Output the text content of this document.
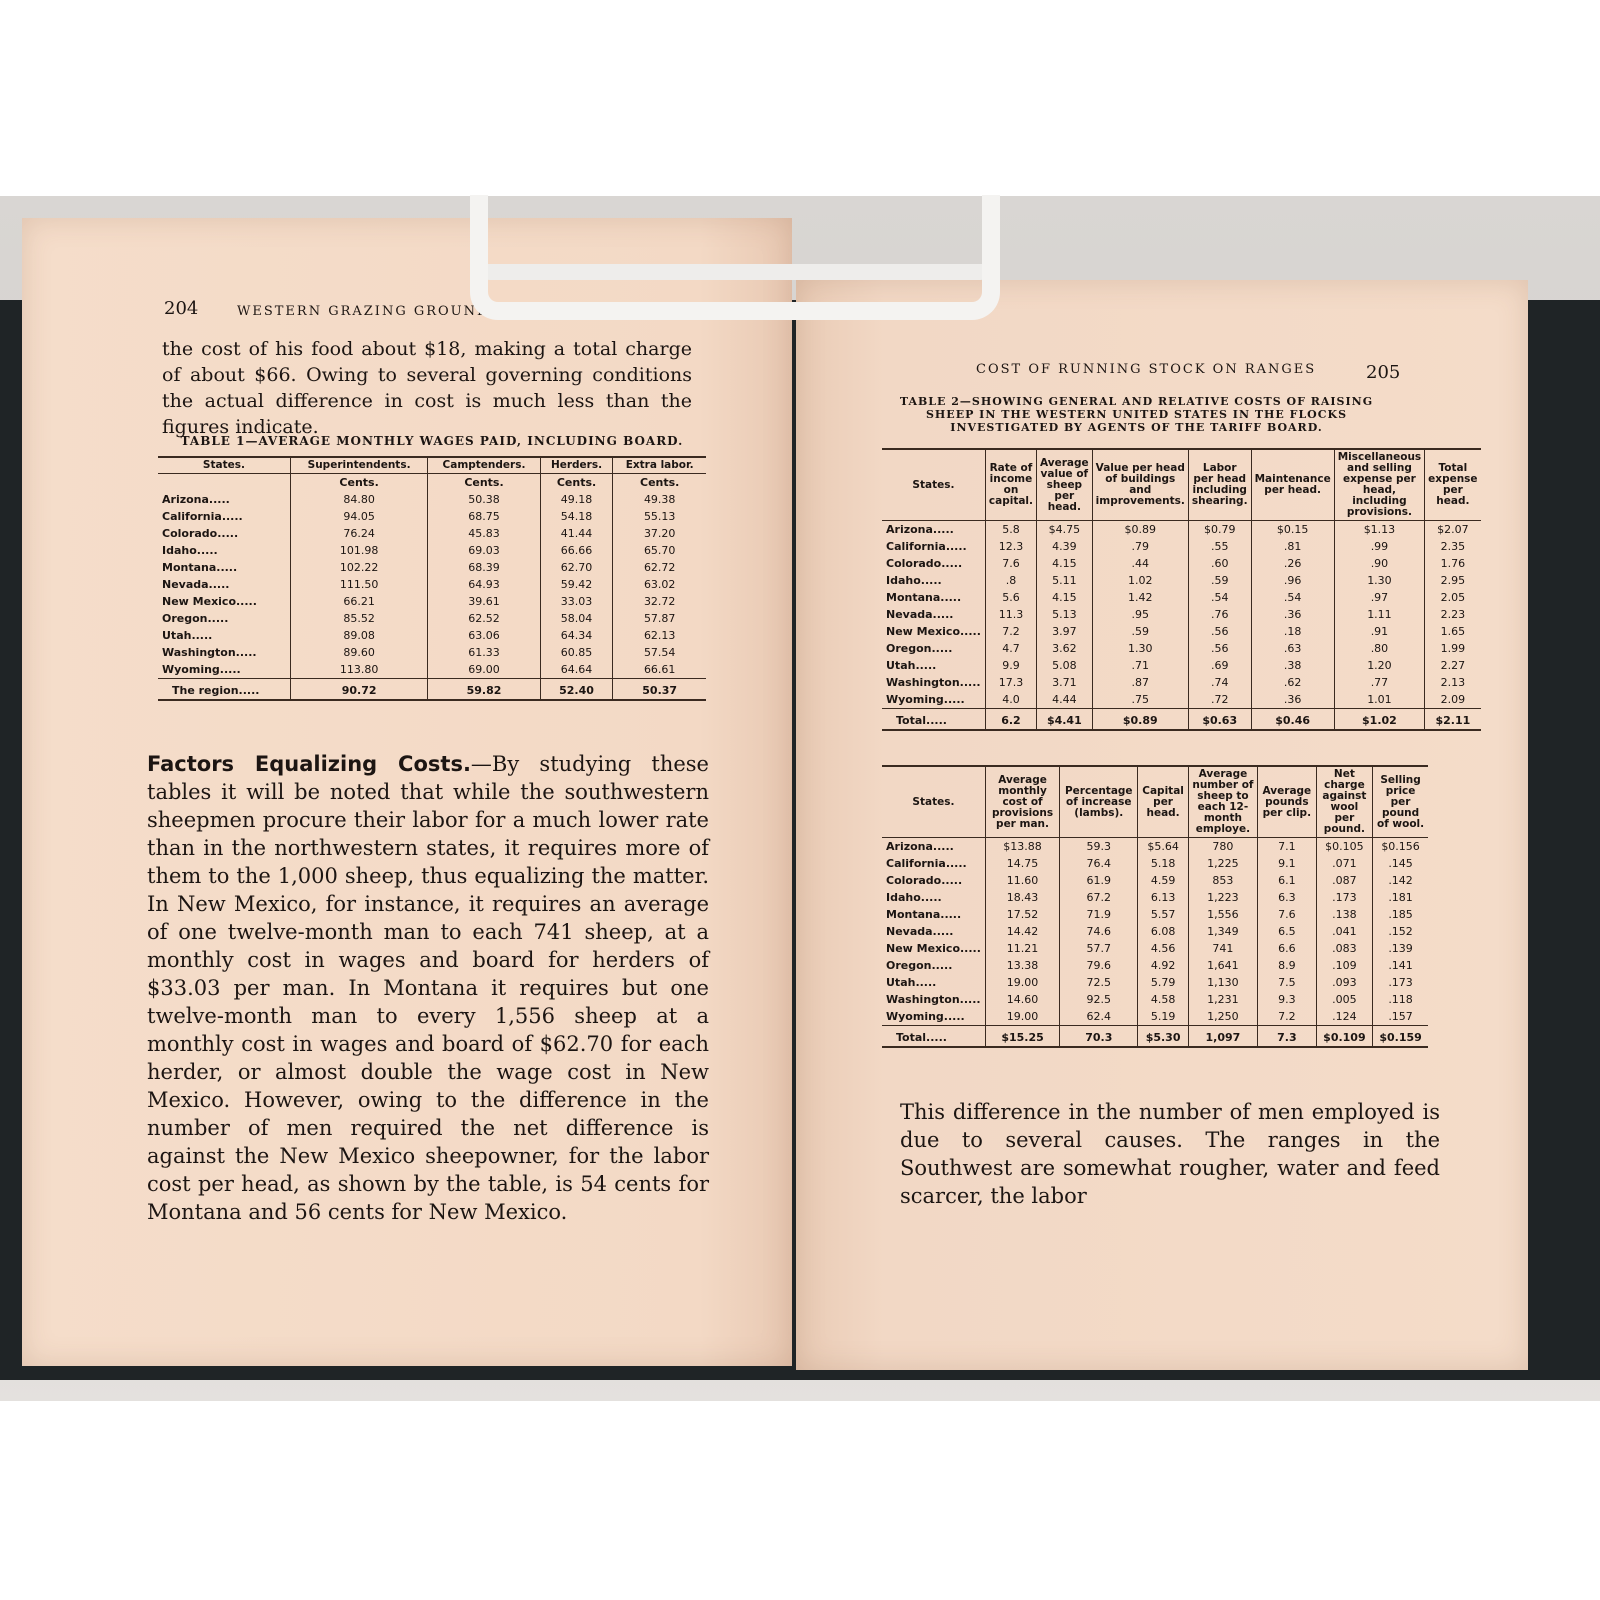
204	WESTERN GRAZING GROUNDS AND FOREST RANGES
the cost of his food about $18, making a total charge of about $66. Owing to several governing conditions the actual difference in cost is much less than the figures indicate.
TABLE 1—AVERAGE MONTHLY WAGES PAID, INCLUDING BOARD.
States.	Superintendents.	Camptenders.	Herders.	Extra labor.
	Cents.	Cents.	Cents.	Cents.
Arizona.....	84.80	50.38	49.18	49.38
California.....	94.05	68.75	54.18	55.13
Colorado.....	76.24	45.83	41.44	37.20
Idaho.....	101.98	69.03	66.66	65.70
Montana.....	102.22	68.39	62.70	62.72
Nevada.....	111.50	64.93	59.42	63.02
New Mexico.....	66.21	39.61	33.03	32.72
Oregon.....	85.52	62.52	58.04	57.87
Utah.....	89.08	63.06	64.34	62.13
Washington.....	89.60	61.33	60.85	57.54
Wyoming.....	113.80	69.00	64.64	66.61
The region.....	90.72	59.82	52.40	50.37
Factors Equalizing Costs.—By studying these tables it will be noted that while the southwestern sheepmen procure their labor for a much lower rate than in the northwestern states, it requires more of them to the 1,000 sheep, thus equalizing the matter. In New Mexico, for instance, it requires an average of one twelve-month man to each 741 sheep, at a monthly cost in wages and board for herders of $33.03 per man. In Montana it requires but one twelve-month man to every 1,556 sheep at a monthly cost in wages and board of $62.70 for each herder, or almost double the wage cost in New Mexico. However, owing to the difference in the number of men required the net difference is against the New Mexico sheepowner, for the labor cost per head, as shown by the table, is 54 cents for Montana and 56 cents for New Mexico.
COST OF RUNNING STOCK ON RANGES	205
TABLE 2—SHOWING GENERAL AND RELATIVE COSTS OF RAISING SHEEP IN THE WESTERN UNITED STATES IN THE FLOCKS INVESTIGATED BY AGENTS OF THE TARIFF BOARD.
States.	Rate of income on capital.	Average value of sheep per head.	Value per head of buildings and improvements.	Labor per head including shearing.	Maintenance per head.	Miscellaneous and selling expense per head, including provisions.	Total expense per head.
Arizona.....	5.8	$4.75	$0.89	$0.79	$0.15	$1.13	$2.07
California.....	12.3	4.39	.79	.55	.81	.99	2.35
Colorado.....	7.6	4.15	.44	.60	.26	.90	1.76
Idaho.....	.8	5.11	1.02	.59	.96	1.30	2.95
Montana.....	5.6	4.15	1.42	.54	.54	.97	2.05
Nevada.....	11.3	5.13	.95	.76	.36	1.11	2.23
New Mexico.....	7.2	3.97	.59	.56	.18	.91	1.65
Oregon.....	4.7	3.62	1.30	.56	.63	.80	1.99
Utah.....	9.9	5.08	.71	.69	.38	1.20	2.27
Washington.....	17.3	3.71	.87	.74	.62	.77	2.13
Wyoming.....	4.0	4.44	.75	.72	.36	1.01	2.09
Total.....	6.2	$4.41	$0.89	$0.63	$0.46	$1.02	$2.11
States.	Average monthly cost of provisions per man.	Percentage of increase (lambs).	Capital per head.	Average number of sheep to each 12-month employe.	Average pounds per clip.	Net charge against wool per pound.	Selling price per pound of wool.
Arizona.....	$13.88	59.3	$5.64	780	7.1	$0.105	$0.156
California.....	14.75	76.4	5.18	1,225	9.1	.071	.145
Colorado.....	11.60	61.9	4.59	853	6.1	.087	.142
Idaho.....	18.43	67.2	6.13	1,223	6.3	.173	.181
Montana.....	17.52	71.9	5.57	1,556	7.6	.138	.185
Nevada.....	14.42	74.6	6.08	1,349	6.5	.041	.152
New Mexico.....	11.21	57.7	4.56	741	6.6	.083	.139
Oregon.....	13.38	79.6	4.92	1,641	8.9	.109	.141
Utah.....	19.00	72.5	5.79	1,130	7.5	.093	.173
Washington.....	14.60	92.5	4.58	1,231	9.3	.005	.118
Wyoming.....	19.00	62.4	5.19	1,250	7.2	.124	.157
Total.....	$15.25	70.3	$5.30	1,097	7.3	$0.109	$0.159
This difference in the number of men employed is due to several causes. The ranges in the Southwest are somewhat rougher, water and feed scarcer, the labor
